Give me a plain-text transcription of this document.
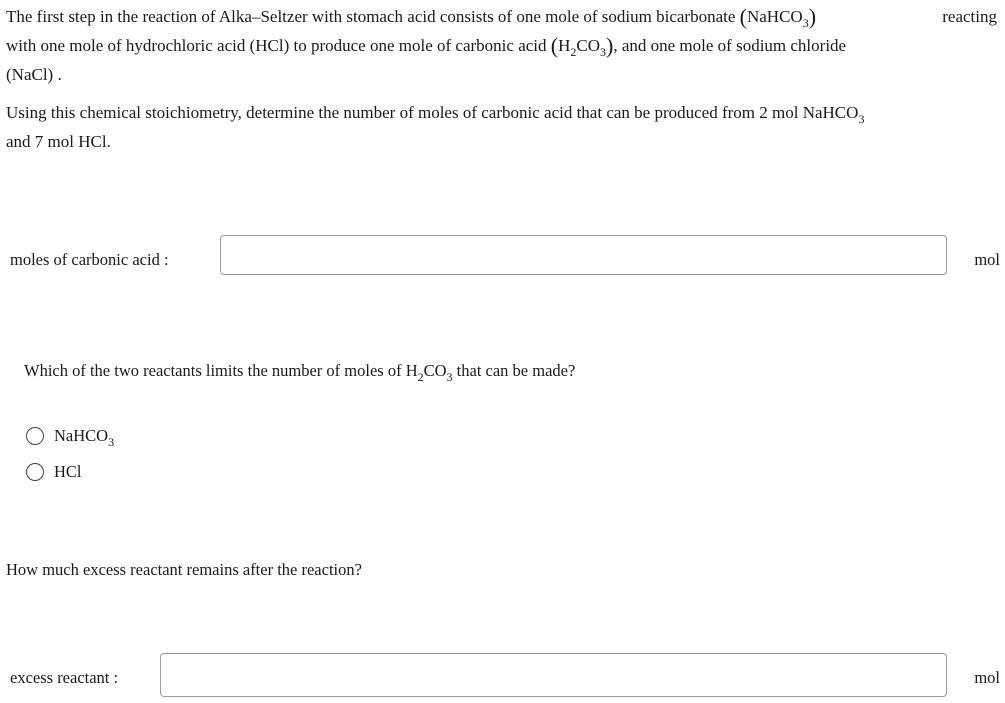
The first step in the reaction of Alka–Seltzer with stomach acid consists of one mole of sodium bicarbonate (NaHCO$_3$)	reacting
with one mole of hydrochloric acid (HCl) to produce one mole of carbonic acid $(H_2CO_3)$, and one mole of sodium chloride
(NaCl) .
Using this chemical stoichiometry, determine the number of moles of carbonic acid that can be produced from 2 mol NaHCO$_3$
and 7 mol HCl.
moles of carbonic acid :	mol
Which of the two reactants limits the number of moles of $H_2CO_3$ that can be made?
NaHCO$_3$
HCl
How much excess reactant remains after the reaction?
excess reactant :	mol
